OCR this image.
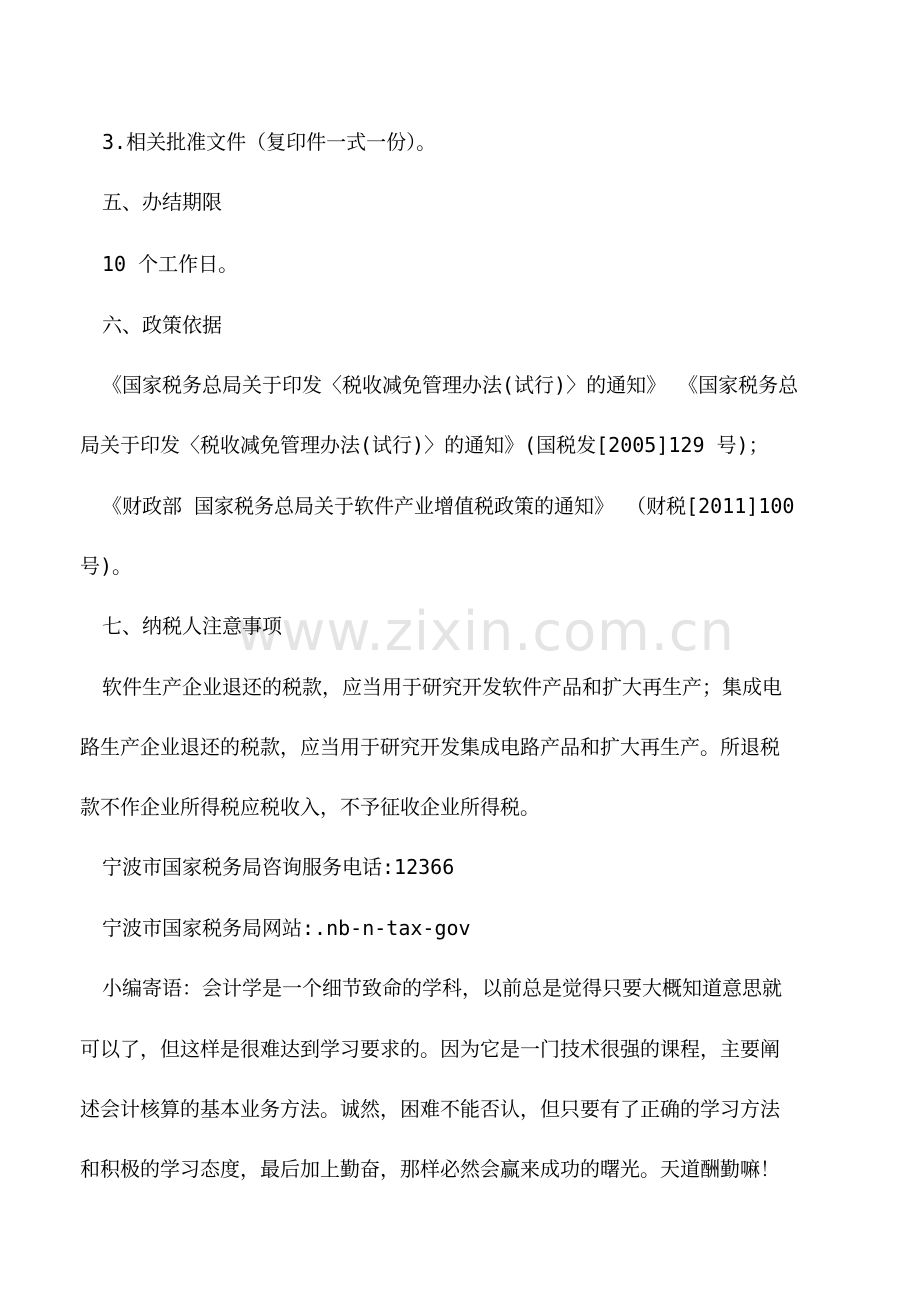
www.zixin.com.cn
3.相关批准文件（复印件一式一份）。
五、办结期限
10 个工作日。
六、政策依据
《国家税务总局关于印发〈税收减免管理办法(试行)〉的通知》 《国家税务总
局关于印发〈税收减免管理办法(试行)〉的通知》(国税发[2005]129 号)；
《财政部 国家税务总局关于软件产业增值税政策的通知》 （财税[2011]100
号)。
七、纳税人注意事项
软件生产企业退还的税款，应当用于研究开发软件产品和扩大再生产；集成电
路生产企业退还的税款，应当用于研究开发集成电路产品和扩大再生产。所退税
款不作企业所得税应税收入，不予征收企业所得税。
宁波市国家税务局咨询服务电话:12366
宁波市国家税务局网站:.nb-n-tax-gov
小编寄语：会计学是一个细节致命的学科，以前总是觉得只要大概知道意思就
可以了，但这样是很难达到学习要求的。因为它是一门技术很强的课程，主要阐
述会计核算的基本业务方法。诚然，困难不能否认，但只要有了正确的学习方法
和积极的学习态度，最后加上勤奋，那样必然会赢来成功的曙光。天道酬勤嘛！
